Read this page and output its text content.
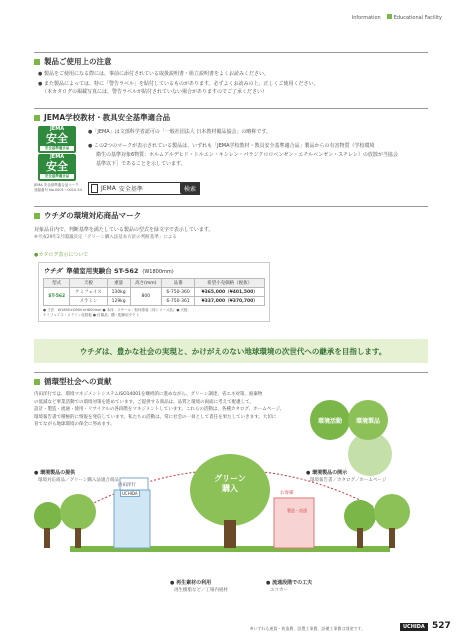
Information	Educational Facility
製品ご使用上の注意
● 製品をご使用になる際には、事前に添付されている取扱説明書・組立説明書をよくお読みください。
● また製品によっては、特に「警告ラベル」を貼付しているものがあります。必ずよくお読みの上、正しくご使用ください。
（本カタログの掲載写真には、警告ラベルが貼付されていない場合がありますのでご了承ください）
JEMA学校教材・教具安全基準適合品
JEMA
安全
安全基準適合品
JEMA
安全
安全基準適合品
JEMA 安全基準適合品マーク
登録番号 No.0001～0010.54
●「JEMA」は文部科学省認可の「一般社団法人 日本教材備品協会」の略称です。
● この2つのマークが表示されている製品は、いずれも「JEMA学校教材・教具安全基準適合品」製品からの有害物質（学校環境
衛生の基準対象6物質：ホルムアルデヒド・トルエン・キシレン・パラジクロロベンゼン・エチルベンゼン・スチレン）の放散が当協会
基準以下］であることを示しています。
JEMA 安全基準	検索
ウチダの環境対応商品マーク
対象品目内で、判断基準を満たしている製品の型式を緑文字で表示しています。
※平成29年2月閣議決定「グリーン購入法基本方針の判断基準」による
●カタログ表示について
ウチダ 準備室用実験台 ST-562 (W1800mm)
型式	天板	重量	高さ(mm)	品番	希望小売価格（税抜）
ST-562	ケミフェイス	130kg	800	6-750-360	¥365,000（¥401,500）
	メラミン	129kg		6-750-361	¥337,000（¥370,700）
● 寸法：W1800×D900×H800mm ● 本体：スチール・粉体塗装（同シリーズ品）● 天板：
ケミフェイス・メラミン化粧板 ● 付属品：棚・配線用ダクト
ウチダは、豊かな社会の実現と、かけがえのない地球環境の次世代への継承を目指します。
循環型社会への貢献
内田洋行では、環境マネジメントシステムISO14001を継続的に進めながら、グリーン調達、省エネ対策、廃棄物
の低減など事業活動での環境対策を進めています。ご提供する商品は、品質と環境の両面に考えて配慮して、
設計・製造・流通・使用・リサイクルの各段階をマネジメントしています。これらの活動は、各種カタログ、ホームページ、
環境報告書で積極的に情報を発信しています。私たちの活動は、常に社会の一員として責任を果たしていきます。大切に
育てながら地球環境の保全に努めます。	環境活動	環境製品
グリーン
購入
内田洋行
UCHIDA	お客様
製造・流通
● 環境製品の提供
環境対応商品／グリーン購入法適合商品
● 環境製品の開示
環境報告書／カタログ／ホームページ
● 再生素材の利用
再生樹脂など／工場内廃材
● 流通段階での工夫
エコカー
※いずれも運賃・荷造費、設置工事費、設備工事費は別途です。	UCHIDA 527
